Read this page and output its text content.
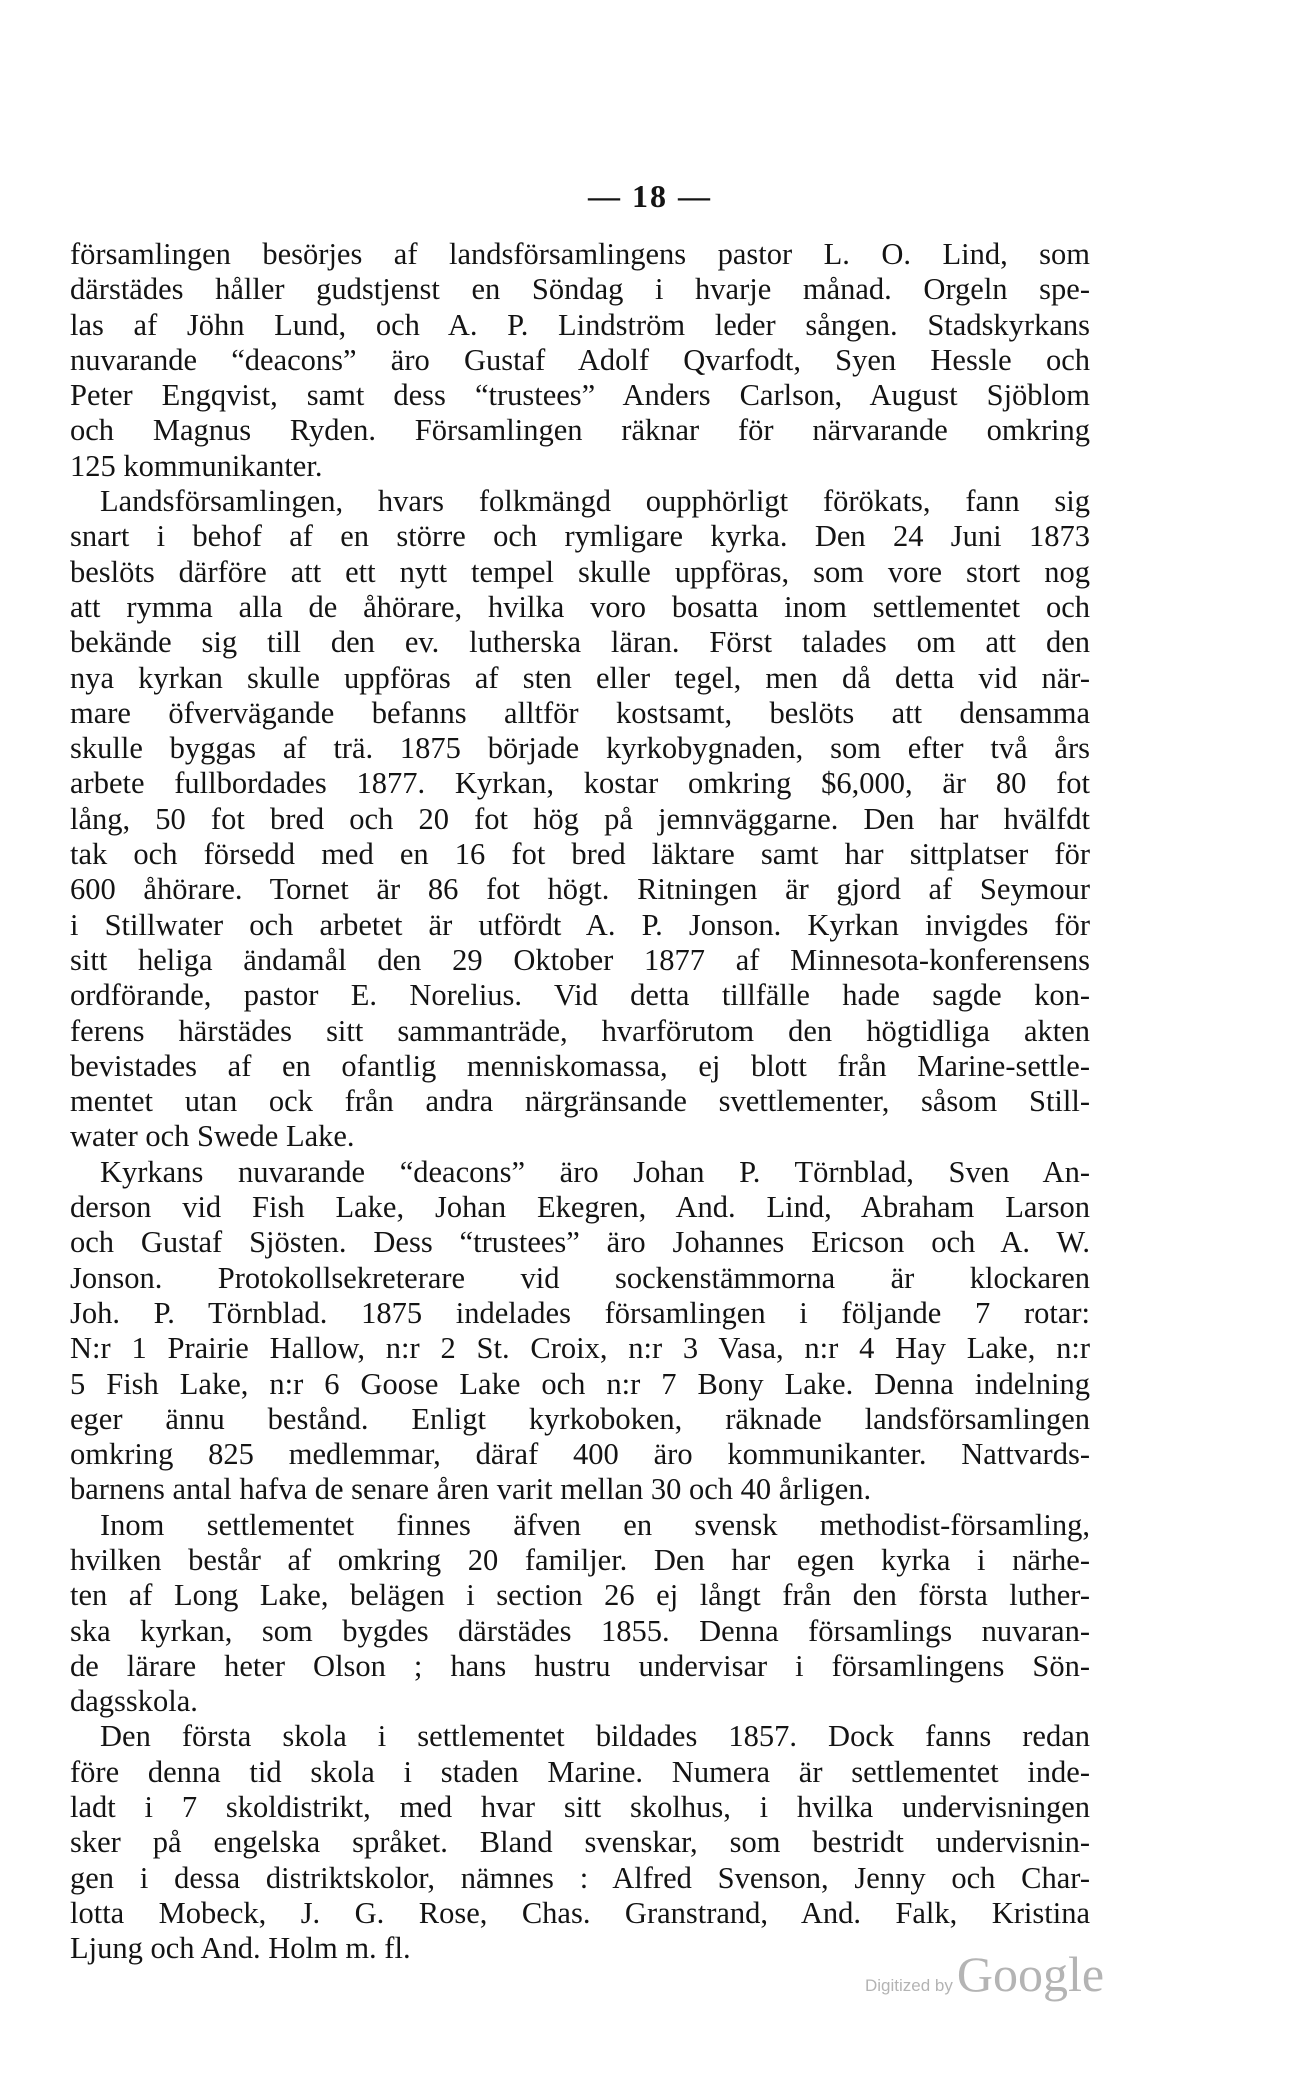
— 18 —
församlingen besörjes af landsförsamlingens pastor L. O. Lind, som
därstädes håller gudstjenst en Söndag i hvarje månad. Orgeln spe-
las af Jöhn Lund, och A. P. Lindström leder sången. Stadskyrkans
nuvarande “deacons” äro Gustaf Adolf Qvarfodt, Syen Hessle och
Peter Engqvist, samt dess “trustees” Anders Carlson, August Sjöblom
och Magnus Ryden. Församlingen räknar för närvarande omkring
125 kommunikanter.
Landsförsamlingen, hvars folkmängd oupphörligt förökats, fann sig
snart i behof af en större och rymligare kyrka. Den 24 Juni 1873
beslöts därföre att ett nytt tempel skulle uppföras, som vore stort nog
att rymma alla de åhörare, hvilka voro bosatta inom settlementet och
bekände sig till den ev. lutherska läran. Först talades om att den
nya kyrkan skulle uppföras af sten eller tegel, men då detta vid när-
mare öfvervägande befanns alltför kostsamt, beslöts att densamma
skulle byggas af trä. 1875 började kyrkobygnaden, som efter två års
arbete fullbordades 1877. Kyrkan, kostar omkring $6,000, är 80 fot
lång, 50 fot bred och 20 fot hög på jemnväggarne. Den har hvälfdt
tak och försedd med en 16 fot bred läktare samt har sittplatser för
600 åhörare. Tornet är 86 fot högt. Ritningen är gjord af Seymour
i Stillwater och arbetet är utfördt A. P. Jonson. Kyrkan invigdes för
sitt heliga ändamål den 29 Oktober 1877 af Minnesota-konferensens
ordförande, pastor E. Norelius. Vid detta tillfälle hade sagde kon-
ferens härstädes sitt sammanträde, hvarförutom den högtidliga akten
bevistades af en ofantlig menniskomassa, ej blott från Marine-settle-
mentet utan ock från andra närgränsande svettlementer, såsom Still-
water och Swede Lake.
Kyrkans nuvarande “deacons” äro Johan P. Törnblad, Sven An-
derson vid Fish Lake, Johan Ekegren, And. Lind, Abraham Larson
och Gustaf Sjösten. Dess “trustees” äro Johannes Ericson och A. W.
Jonson. Protokollsekreterare vid sockenstämmorna är klockaren
Joh. P. Törnblad. 1875 indelades församlingen i följande 7 rotar:
N:r 1 Prairie Hallow, n:r 2 St. Croix, n:r 3 Vasa, n:r 4 Hay Lake, n:r
5 Fish Lake, n:r 6 Goose Lake och n:r 7 Bony Lake. Denna indelning
eger ännu bestånd. Enligt kyrkoboken, räknade landsförsamlingen
omkring 825 medlemmar, däraf 400 äro kommunikanter. Nattvards-
barnens antal hafva de senare åren varit mellan 30 och 40 årligen.
Inom settlementet finnes äfven en svensk methodist-församling,
hvilken består af omkring 20 familjer. Den har egen kyrka i närhe-
ten af Long Lake, belägen i section 26 ej långt från den första luther-
ska kyrkan, som bygdes därstädes 1855. Denna församlings nuvaran-
de lärare heter Olson ; hans hustru undervisar i församlingens Sön-
dagsskola.
Den första skola i settlementet bildades 1857. Dock fanns redan
före denna tid skola i staden Marine. Numera är settlementet inde-
ladt i 7 skoldistrikt, med hvar sitt skolhus, i hvilka undervisningen
sker på engelska språket. Bland svenskar, som bestridt undervisnin-
gen i dessa distriktskolor, nämnes : Alfred Svenson, Jenny och Char-
lotta Mobeck, J. G. Rose, Chas. Granstrand, And. Falk, Kristina
Ljung och And. Holm m. fl.
Digitized by Google
